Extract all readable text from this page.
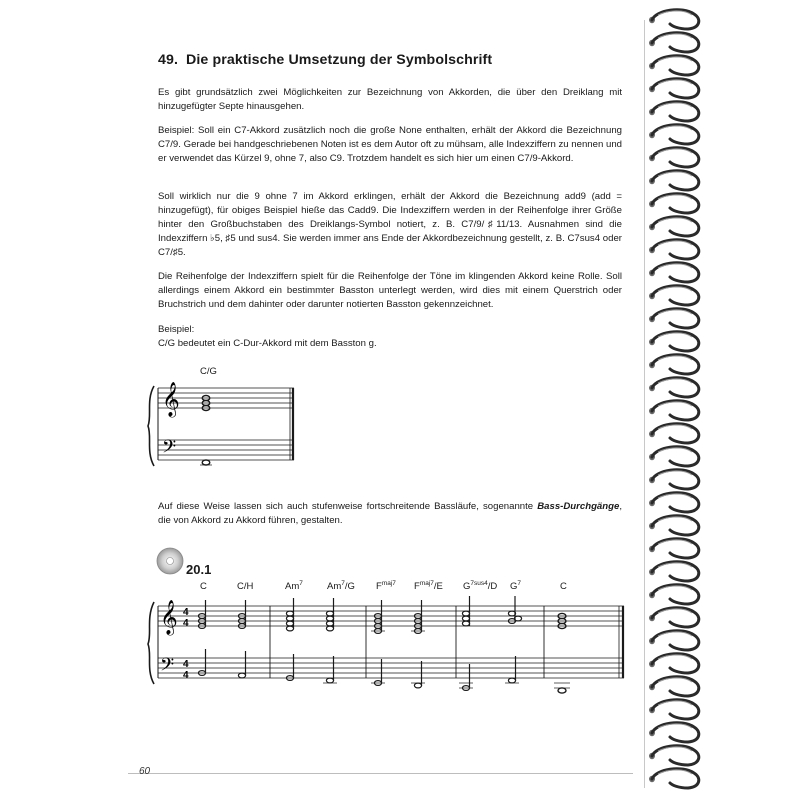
49. Die praktische Umsetzung der Symbolschrift
Es gibt grundsätzlich zwei Möglichkeiten zur Bezeichnung von Akkorden, die über den Dreiklang mit hinzugefügter Septe hinausgehen.
Beispiel: Soll ein C7-Akkord zusätzlich noch die große None enthalten, erhält der Akkord die Bezeichnung C7/9. Gerade bei handgeschriebenen Noten ist es dem Autor oft zu mühsam, alle Indexziffern zu nennen und er verwendet das Kürzel 9, ohne 7, also C9. Trotzdem handelt es sich hier um einen C7/9-Akkord.
Soll wirklich nur die 9 ohne 7 im Akkord erklingen, erhält der Akkord die Bezeichnung add9 (add = hinzugefügt), für obiges Beispiel hieße das Cadd9. Die Indexziffern werden in der Reihenfolge ihrer Größe hinter den Großbuchstaben des Dreiklangs-Symbol notiert, z. B. C7/9/♯11/13. Ausnahmen sind die Indexziffern ♭5, ♯5 und sus4. Sie werden immer ans Ende der Akkordbezeichnung gestellt, z. B. C7sus4 oder C7/♯5.
Die Reihenfolge der Indexziffern spielt für die Reihenfolge der Töne im klingenden Akkord keine Rolle. Soll allerdings einem Akkord ein bestimmter Basston unterlegt werden, wird dies mit einem Querstrich oder Bruchstrich und dem dahinter oder darunter notierten Basston gekennzeichnet.
Beispiel:
C/G bedeutet ein C-Dur-Akkord mit dem Basston g.
Auf diese Weise lassen sich auch stufenweise fortschreitende Bassläufe, sogenannte Bass-Durchgänge, die von Akkord zu Akkord führen, gestalten.
C/G
𝄞
𝄢
20.1
𝄞
𝄢
4
4
4
4
C	C/H	Am$^7$	Am$^7$/G $F^{maj7}$ $F^{maj7}/E$ $G^{7sus4}/D$ $G^7$	C
60
